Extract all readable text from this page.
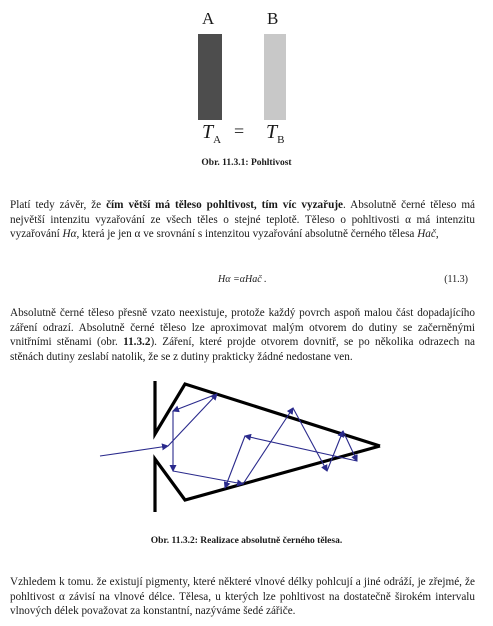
A	B
$T_A = T_B$
Obr. 11.3.1: Pohltivost
Platí tedy závěr, že čím větší má těleso pohltivost, tím víc vyzařuje. Absolutně černé těleso má největší intenzitu vyzařování ze všech těles o stejné teplotě. Těleso o pohltivosti α má intenzitu vyzařování Hα, která je jen α ve srovnání s intenzitou vyzařování absolutně černého tělesa Hač,
Hα =αHač .	(11.3)
Absolutně černé těleso přesně vzato neexistuje, protože každý povrch aspoň malou část dopadajícího záření odrazí. Absolutně černé těleso lze aproximovat malým otvorem do dutiny se začerněnými vnitřními stěnami (obr. 11.3.2). Záření, které projde otvorem dovnitř, se po několika odrazech na stěnách dutiny zeslabí natolik, že se z dutiny prakticky žádné nedostane ven.
Obr. 11.3.2: Realizace absolutně černého tělesa.
Vzhledem k tomu. že existují pigmenty, které některé vlnové délky pohlcují a jiné odráží, je zřejmé, že pohltivost α závisí na vlnové délce. Tělesa, u kterých lze pohltivost na dostatečně širokém intervalu vlnových délek považovat za konstantní, nazýváme šedé zářiče.
